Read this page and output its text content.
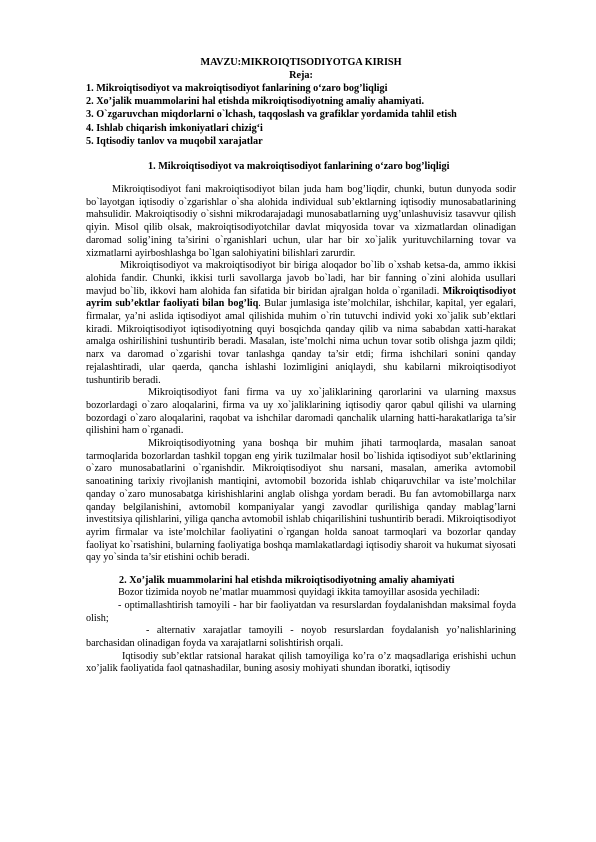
MAVZU:MIKROIQTISODIYOTGA KIRISH
Reja:
1. Mikroiqtisodiyot va makroiqtisodiyot fanlarining o‘zaro bog’liqligi
2. Xo’jalik muammolarini hal etishda mikroiqtisodiyotning amaliy ahamiyati.
3. O`zgaruvchan miqdorlarni o`lchash, taqqoslash va grafiklar yordamida tahlil etish
4. Ishlab chiqarish imkoniyatlari chizig‘i
5. Iqtisodiy tanlov va muqobil xarajatlar
1. Mikroiqtisodiyot va makroiqtisodiyot fanlarining o‘zaro bog’liqligi

Mikroiqtisodiyot fani makroiqtisodiyot bilan juda ham bog’liqdir, chunki, butun dunyoda sodir bo`layotgan iqtisodiy o`zgarishlar o`sha alohida individual sub’ektlarning iqtisodiy munosabatlarining mahsulidir. Makroiqtisodiy o`sishni mikrodarajadagi munosabatlarning uyg’unlashuvisiz tasavvur qilish qiyin. Misol qilib olsak, makroiqtisodiyotchilar davlat miqyosida tovar va xizmatlardan olinadigan daromad solig’ining ta’sirini o`rganishlari uchun, ular har bir xo`jalik yurituvchilarning tovar va xizmatlarni ayirboshlashga bo`lgan salohiyatini bilishlari zarurdir.

Mikroiqtisodiyot va makroiqtisodiyot bir biriga aloqador bo`lib o`xshab ketsa-da, ammo ikkisi alohida fandir. Chunki, ikkisi turli savollarga javob bo`ladi, har bir fanning o`zini alohida usullari mavjud bo`lib, ikkovi ham alohida fan sifatida bir biridan ajralgan holda o`rganiladi. Mikroiqtisodiyot ayrim sub’ektlar faoliyati bilan bog’liq. Bular jumlasiga iste’molchilar, ishchilar, kapital, yer egalari, firmalar, ya’ni aslida iqtisodiyot amal qilishida muhim o`rin tutuvchi individ yoki xo`jalik sub’ektlari kiradi. Mikroiqtisodiyot iqtisodiyotning quyi bosqichda qanday qilib va nima sababdan xatti-harakat amalga oshirilishini tushuntirib beradi. Masalan, iste’molchi nima uchun tovar sotib olishga jazm qildi; narx va daromad o`zgarishi tovar tanlashga qanday ta’sir etdi; firma ishchilari sonini qanday rejalashtiradi, ular qaerda, qancha ishlashi lozimligini aniqlaydi, shu kabilarni mikroiqtisodiyot tushuntirib beradi.

Mikroiqtisodiyot fani firma va uy xo`jaliklarining qarorlarini va ularning maxsus bozorlardagi o`zaro aloqalarini, firma va uy xo`jaliklarining iqtisodiy qaror qabul qilishi va ularning bozordagi o`zaro aloqalarini, raqobat va ishchilar daromadi qanchalik ularning hatti-harakatlariga ta’sir qilishini ham o`rganadi.

Mikroiqtisodiyotning yana boshqa bir muhim jihati tarmoqlarda, masalan sanoat tarmoqlarida bozorlardan tashkil topgan eng yirik tuzilmalar hosil bo`lishida iqtisodiyot sub’ektlarining o`zaro munosabatlarini o`rganishdir. Mikroiqtisodiyot shu narsani, masalan, amerika avtomobil sanoatining tarixiy rivojlanish mantiqini, avtomobil bozorida ishlab chiqaruvchilar va iste’molchilar qanday o`zaro munosabatga kirishishlarini anglab olishga yordam beradi. Bu fan avtomobillarga narx qanday belgilanishini, avtomobil kompaniyalar yangi zavodlar qurilishiga qanday mablag’larni investitsiya qilishlarini, yiliga qancha avtomobil ishlab chiqarilishini tushuntirib beradi. Mikroiqtisodiyot ayrim firmalar va iste’molchilar faoliyatini o`rgangan holda sanoat tarmoqlari va bozorlar qanday faoliyat ko`rsatishini, bularning faoliyatiga boshqa mamlakatlardagi iqtisodiy sharoit va hukumat siyosati qay yo`sinda ta’sir etishini ochib beradi.

2. Xo’jalik muammolarini hal etishda mikroiqtisodiyotning amaliy ahamiyati

Bozor tizimida noyob ne’matlar muammosi quyidagi ikkita tamoyillar asosida yechiladi:

- optimallashtirish tamoyili - har bir faoliyatdan va resurslardan foydalanishdan maksimal foyda olish;

- alternativ xarajatlar tamoyili - noyob resurslardan foydalanish yo’nalishlarining barchasidan olinadigan foyda va xarajatlarni solishtirish orqali.

Iqtisodiy sub’ektlar ratsional harakat qilish tamoyiliga ko’ra o’z maqsadlariga erishishi uchun xo’jalik faoliyatida faol qatnashadilar, buning asosiy mohiyati shundan iboratki, iqtisodiy
